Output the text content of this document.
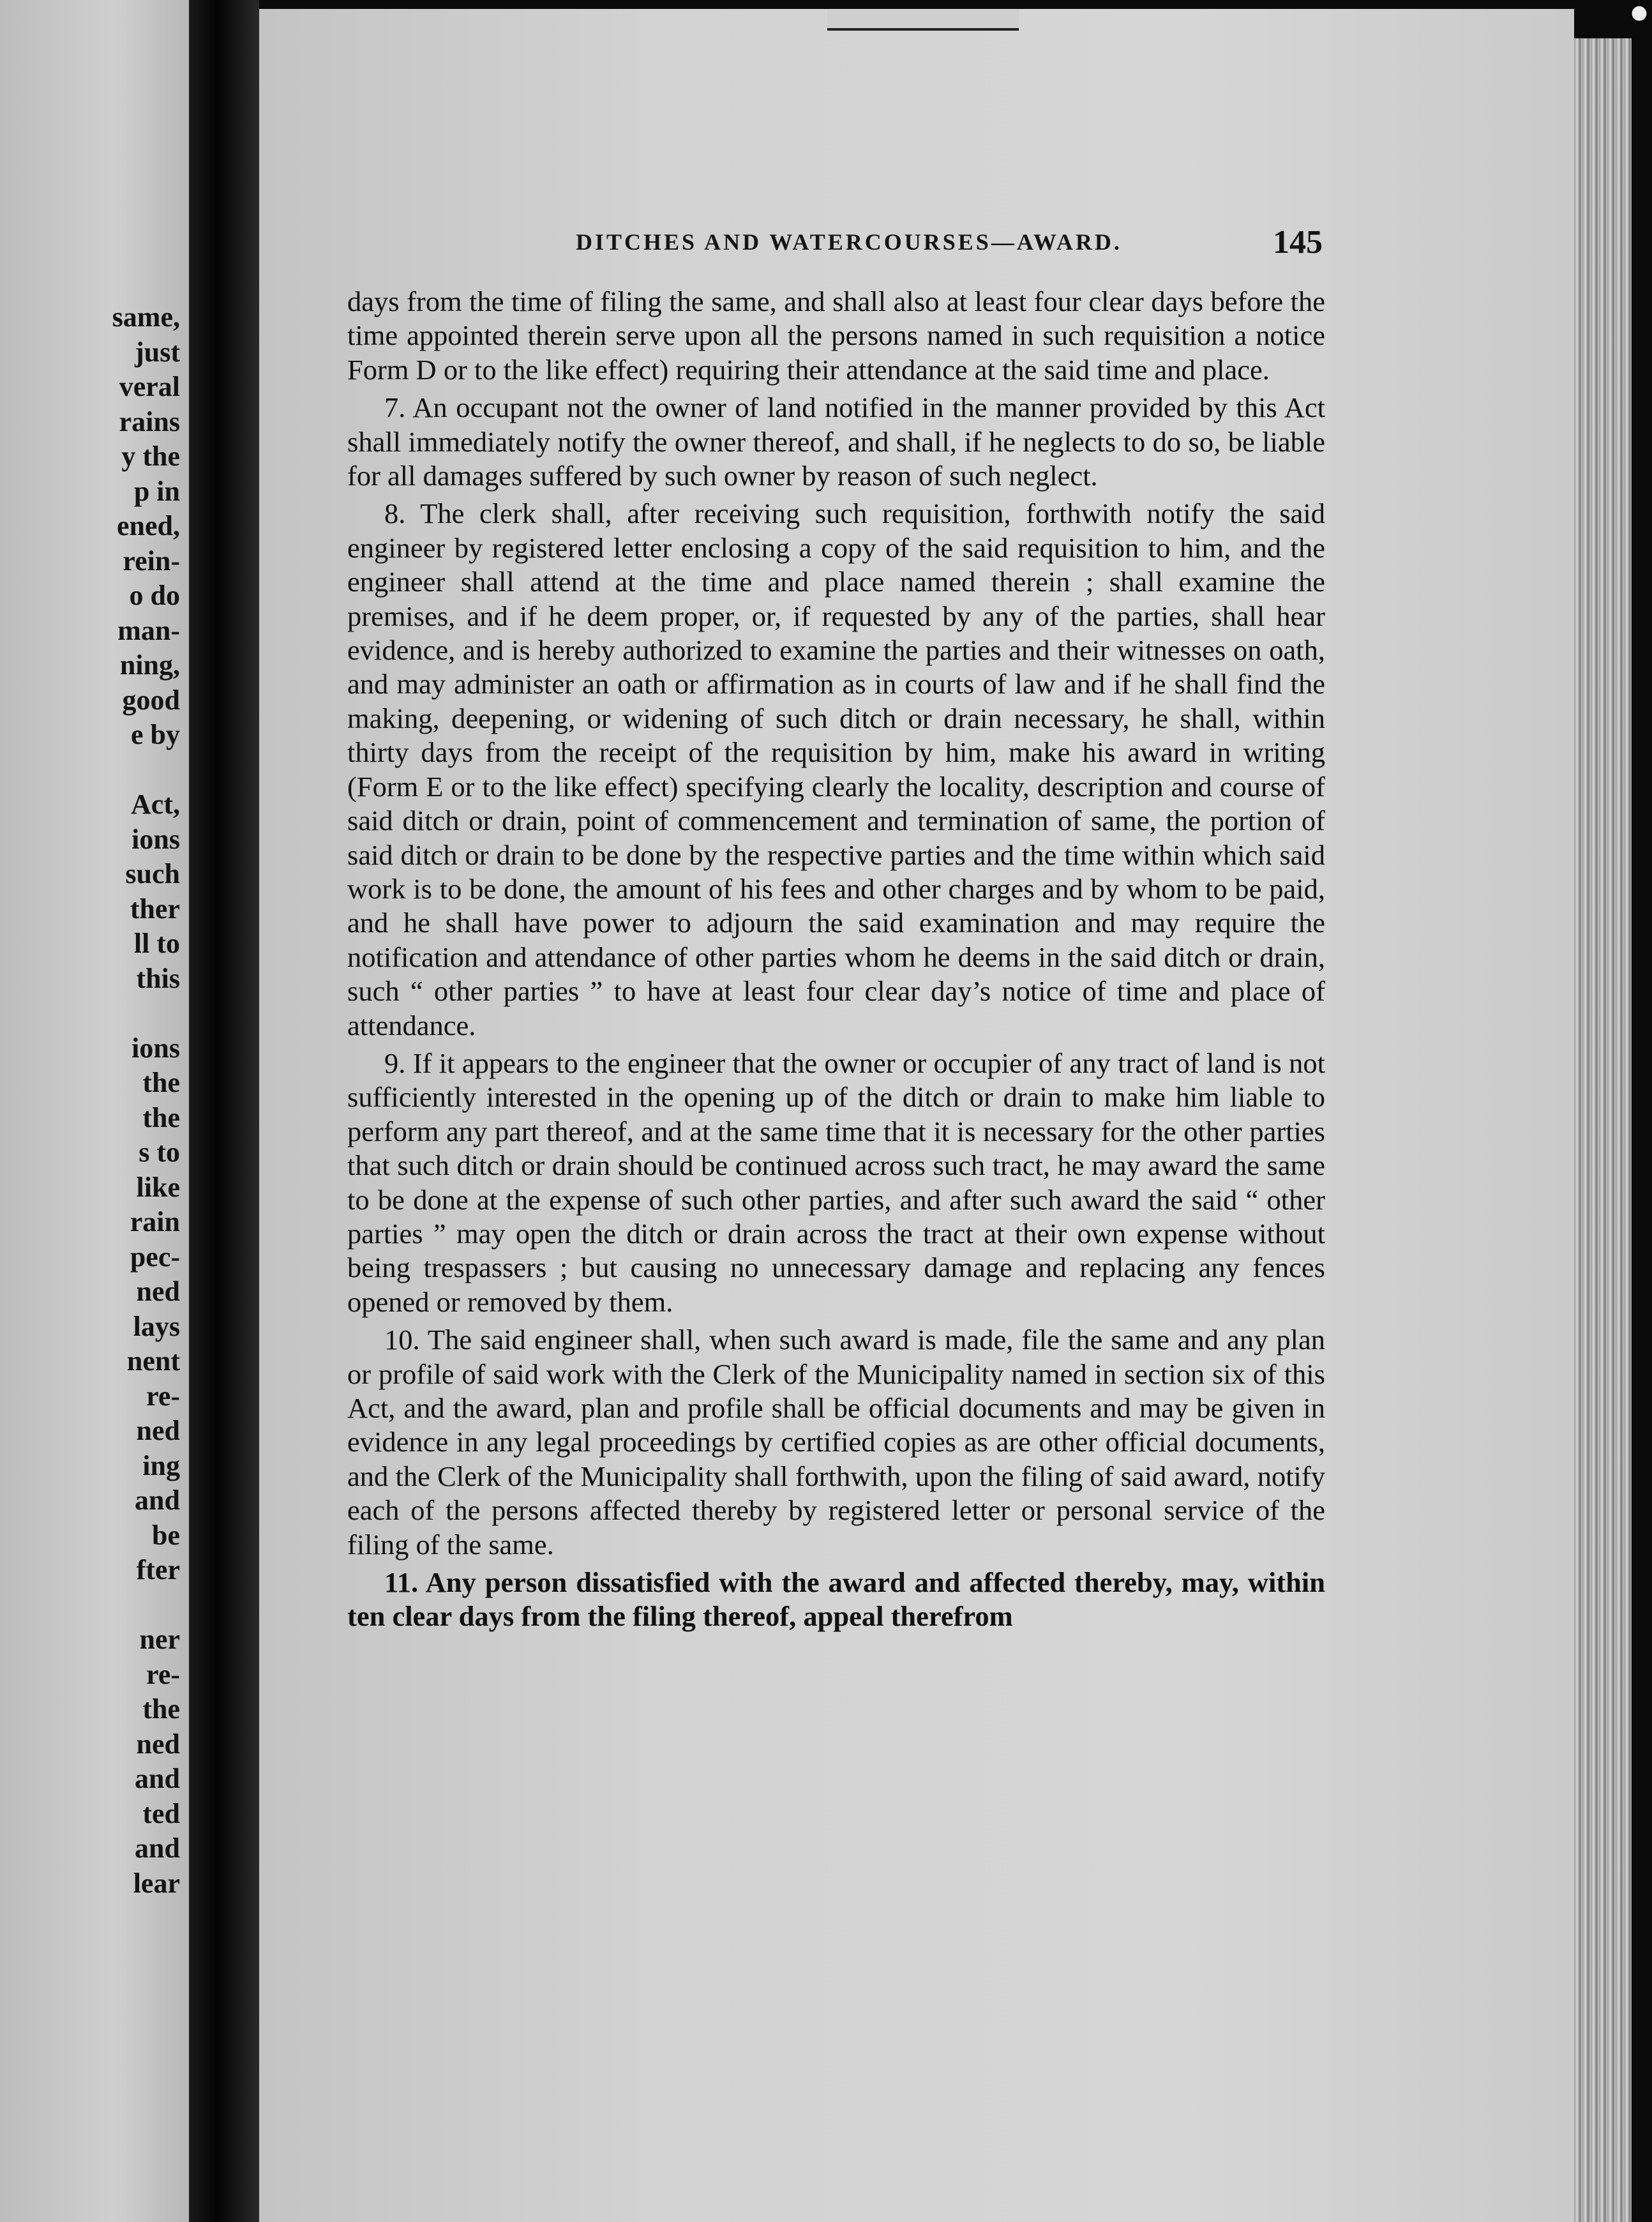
same,
just
veral
rains
y the
p in
ened,
rein-
o do
man-
ning,
good
e by
Act,
ions
such
ther
ll to
this
ions
the
the
s to
like
rain
pec-
ned
lays
nent
re-
ned
ing
and
be
fter
ner
re-
the
ned
and
ted
and
lear
●
DITCHES AND WATERCOURSES—AWARD.	145

days from the time of filing the same, and shall also at least four clear days before the time appointed therein serve upon all the persons named in such requisition a notice Form D or to the like effect) requiring their attendance at the said time and place.

7. An occupant not the owner of land notified in the manner provided by this Act shall immediately notify the owner thereof, and shall, if he neglects to do so, be liable for all damages suffered by such owner by reason of such neglect.

8. The clerk shall, after receiving such requisition, forthwith notify the said engineer by registered letter enclosing a copy of the said requisition to him, and the engineer shall attend at the time and place named therein ; shall examine the premises, and if he deem proper, or, if requested by any of the parties, shall hear evidence, and is hereby authorized to examine the parties and their witnesses on oath, and may administer an oath or affirmation as in courts of law and if he shall find the making, deepening, or widening of such ditch or drain necessary, he shall, within thirty days from the receipt of the requisition by him, make his award in writing (Form E or to the like effect) specifying clearly the locality, description and course of said ditch or drain, point of commencement and termination of same, the portion of said ditch or drain to be done by the respective parties and the time within which said work is to be done, the amount of his fees and other charges and by whom to be paid, and he shall have power to adjourn the said examination and may require the notification and attendance of other parties whom he deems in the said ditch or drain, such “ other parties ” to have at least four clear day’s notice of time and place of attendance.

9. If it appears to the engineer that the owner or occupier of any tract of land is not sufficiently interested in the opening up of the ditch or drain to make him liable to perform any part thereof, and at the same time that it is necessary for the other parties that such ditch or drain should be continued across such tract, he may award the same to be done at the expense of such other parties, and after such award the said “ other parties ” may open the ditch or drain across the tract at their own expense without being trespassers ; but causing no unnecessary damage and replacing any fences opened or removed by them.

10. The said engineer shall, when such award is made, file the same and any plan or profile of said work with the Clerk of the Municipality named in section six of this Act, and the award, plan and profile shall be official documents and may be given in evidence in any legal proceedings by certified copies as are other official documents, and the Clerk of the Municipality shall forthwith, upon the filing of said award, notify each of the persons affected thereby by registered letter or personal service of the filing of the same.

11. Any person dissatisfied with the award and affected thereby, may, within ten clear days from the filing thereof, appeal therefrom
